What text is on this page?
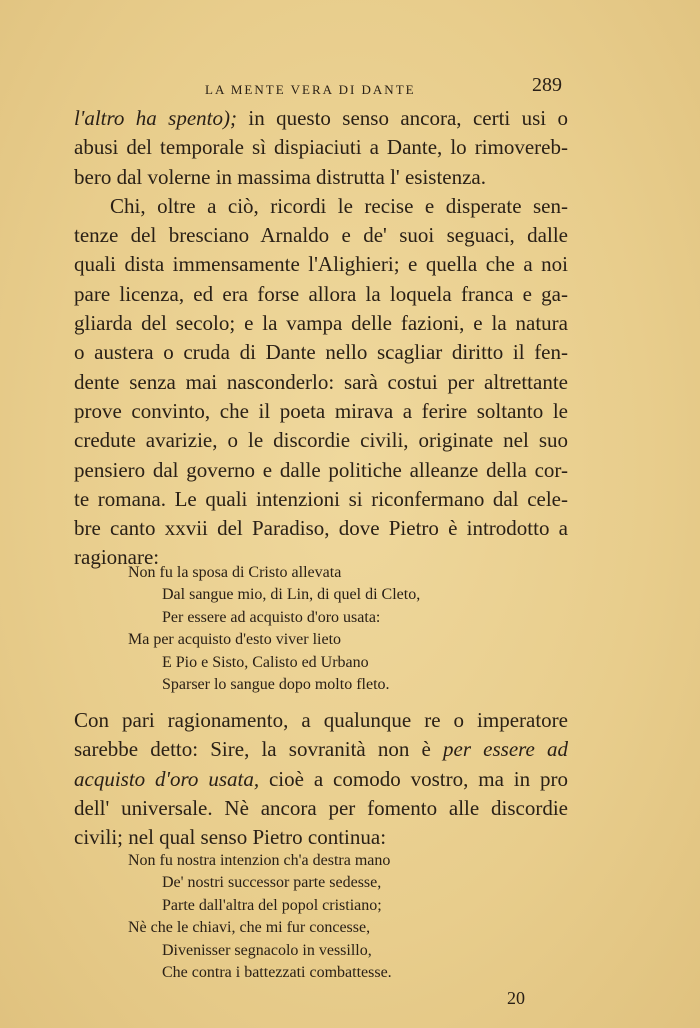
LA MENTE VERA DI DANTE	289

l'altro ha spento); in questo senso ancora, certi usi o
abusi del temporale sì dispiaciuti a Dante, lo rimovereb-
bero dal volerne in massima distrutta l' esistenza.

Chi, oltre a ciò, ricordi le recise e disperate sen-
tenze del bresciano Arnaldo e de' suoi seguaci, dalle
quali dista immensamente l'Alighieri; e quella che a noi
pare licenza, ed era forse allora la loquela franca e ga-
gliarda del secolo; e la vampa delle fazioni, e la natura
o austera o cruda di Dante nello scagliar diritto il fen-
dente senza mai nasconderlo: sarà costui per altrettante
prove convinto, che il poeta mirava a ferire soltanto le
credute avarizie, o le discordie civili, originate nel suo
pensiero dal governo e dalle politiche alleanze della cor-
te romana. Le quali intenzioni si riconfermano dal cele-
bre canto xxvii del Paradiso, dove Pietro è introdotto a
ragionare:

Non fu la sposa di Cristo allevata
Dal sangue mio, di Lin, di quel di Cleto,
Per essere ad acquisto d'oro usata:
Ma per acquisto d'esto viver lieto
E Pio e Sisto, Calisto ed Urbano
Sparser lo sangue dopo molto fleto.

Con pari ragionamento, a qualunque re o imperatore
sarebbe detto: Sire, la sovranità non è per essere ad
acquisto d'oro usata, cioè a comodo vostro, ma in pro
dell' universale. Nè ancora per fomento alle discordie
civili; nel qual senso Pietro continua:

Non fu nostra intenzion ch'a destra mano
De' nostri successor parte sedesse,
Parte dall'altra del popol cristiano;
Nè che le chiavi, che mi fur concesse,
Divenisser segnacolo in vessillo,
Che contra i battezzati combattesse.
20
